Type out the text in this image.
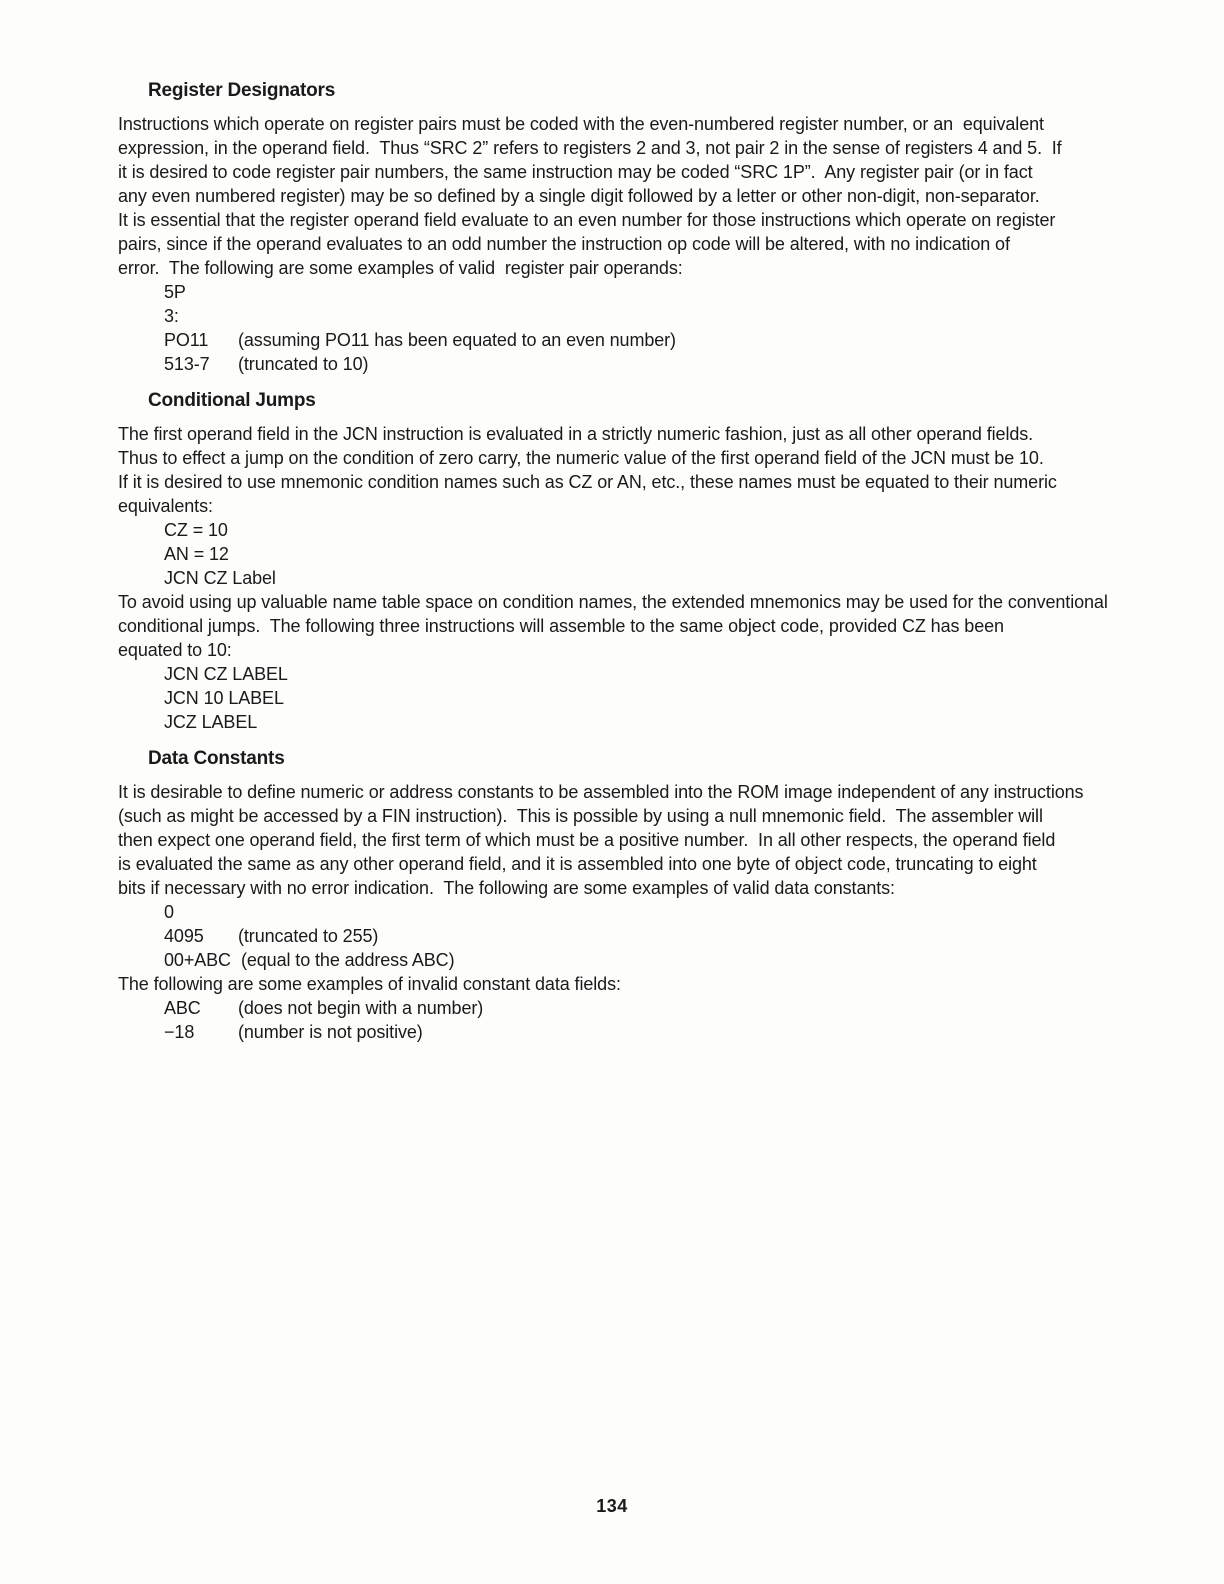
Register Designators
Instructions which operate on register pairs must be coded with the even-numbered register number, or an  equivalent
expression, in the operand field.  Thus “SRC 2” refers to registers 2 and 3, not pair 2 in the sense of registers 4 and 5.  If
it is desired to code register pair numbers, the same instruction may be coded “SRC 1P”.  Any register pair (or in fact
any even numbered register) may be so defined by a single digit followed by a letter or other non-digit, non-separator.
It is essential that the register operand field evaluate to an even number for those instructions which operate on register
pairs, since if the operand evaluates to an odd number the instruction op code will be altered, with no indication of
error.  The following are some examples of valid  register pair operands:
5P
3:
PO11 (assuming PO11 has been equated to an even number)
513-7 (truncated to 10)
Conditional Jumps
The first operand field in the JCN instruction is evaluated in a strictly numeric fashion, just as all other operand fields.
Thus to effect a jump on the condition of zero carry, the numeric value of the first operand field of the JCN must be 10.
If it is desired to use mnemonic condition names such as CZ or AN, etc., these names must be equated to their numeric
equivalents:
CZ = 10
AN = 12
JCN CZ Label
To avoid using up valuable name table space on condition names, the extended mnemonics may be used for the conventional
conditional jumps.  The following three instructions will assemble to the same object code, provided CZ has been
equated to 10:
JCN CZ LABEL
JCN 10 LABEL
JCZ LABEL
Data Constants
It is desirable to define numeric or address constants to be assembled into the ROM image independent of any instructions
(such as might be accessed by a FIN instruction).  This is possible by using a null mnemonic field.  The assembler will
then expect one operand field, the first term of which must be a positive number.  In all other respects, the operand field
is evaluated the same as any other operand field, and it is assembled into one byte of object code, truncating to eight
bits if necessary with no error indication.  The following are some examples of valid data constants:
0
4095 (truncated to 255)
00+ABC (equal to the address ABC)
The following are some examples of invalid constant data fields:
ABC (does not begin with a number)
−18 (number is not positive)
134
